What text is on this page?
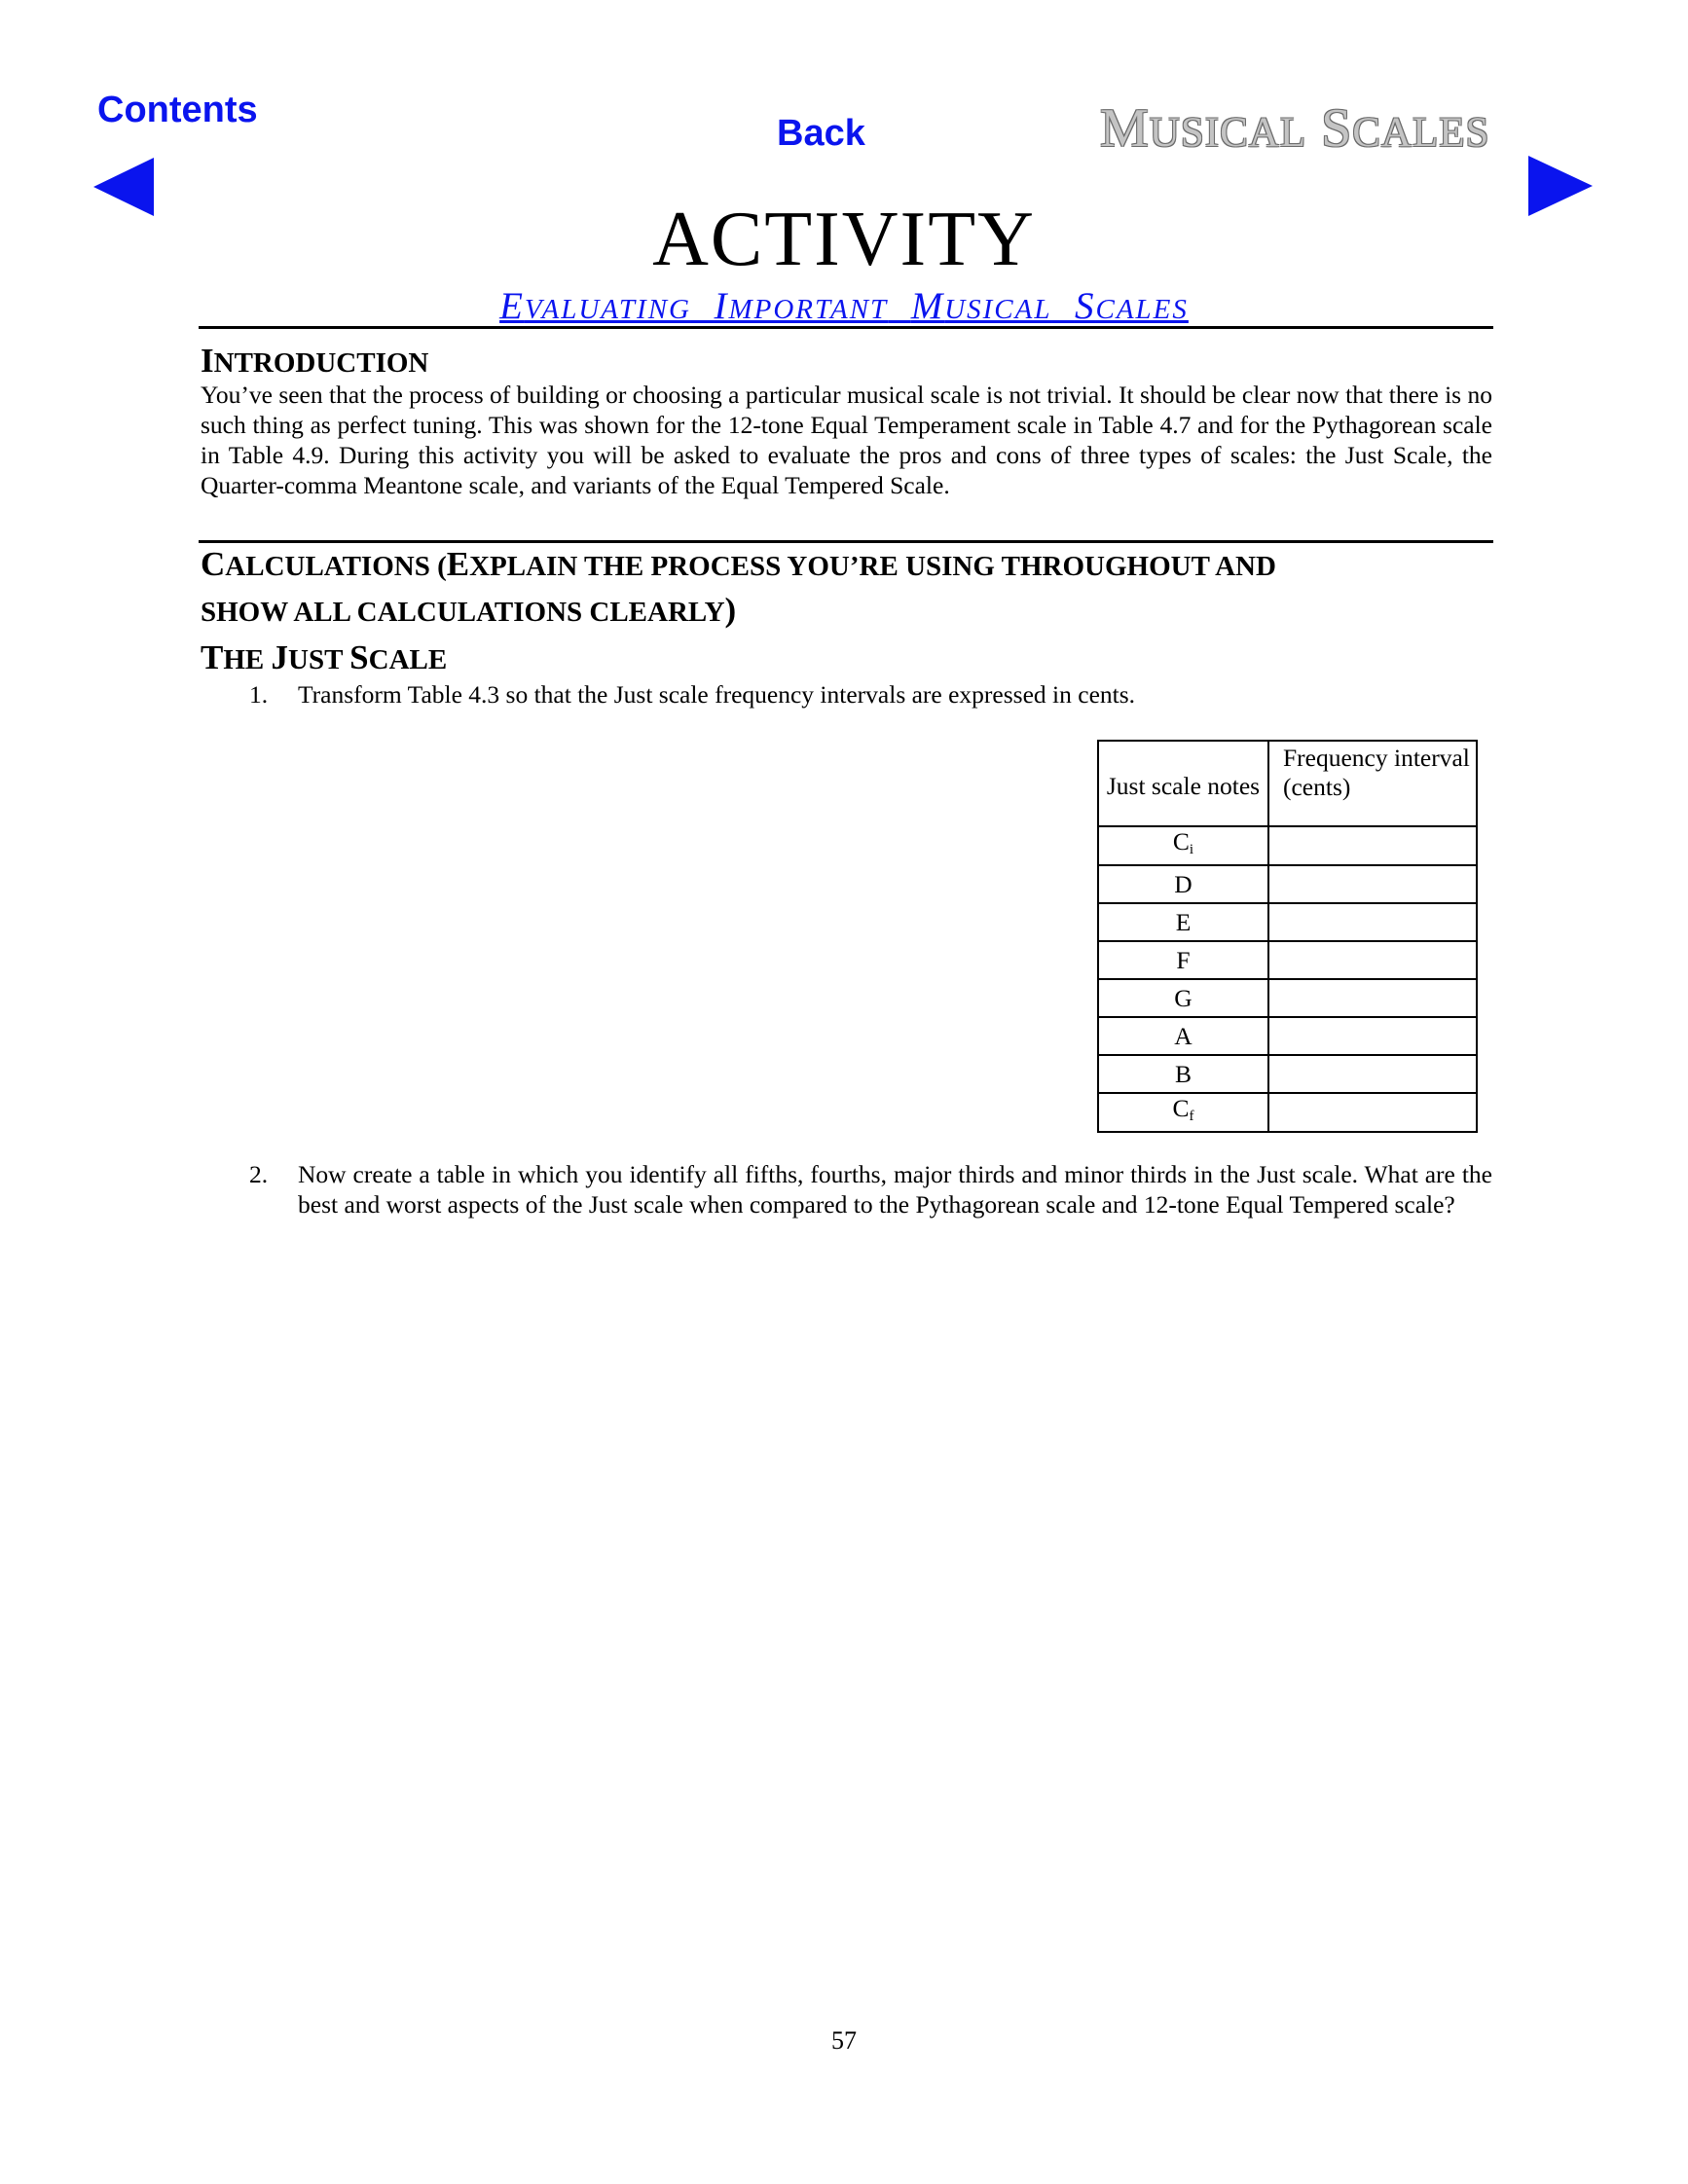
Contents
Back	MUSICAL SCALES
ACTIVITY
EVALUATING IMPORTANT MUSICAL SCALES
INTRODUCTION

You’ve seen that the process of building or choosing a particular musical scale is not trivial. It should be clear now that there is no such thing as perfect tuning. This was shown for the 12-tone Equal Temperament scale in Table 4.7 and for the Pythagorean scale in Table 4.9. During this activity you will be asked to evaluate the pros and cons of three types of scales: the Just Scale, the Quarter-comma Meantone scale, and variants of the Equal Tempered Scale.

CALCULATIONS (EXPLAIN THE PROCESS YOU’RE USING THROUGHOUT AND
SHOW ALL CALCULATIONS CLEARLY)
THE JUST SCALE
1.	Transform Table 4.3 so that the Just scale frequency intervals are expressed in cents.
Just scale notes	Frequency interval (cents)
$C_i$	
D	
E	
F	
G	
A	
B	
$C_f$	
2.	Now create a table in which you identify all fifths, fourths, major thirds and minor thirds in the Just scale. What are the best and worst aspects of the Just scale when compared to the Pythagorean scale and 12-tone Equal Tempered scale?
57
